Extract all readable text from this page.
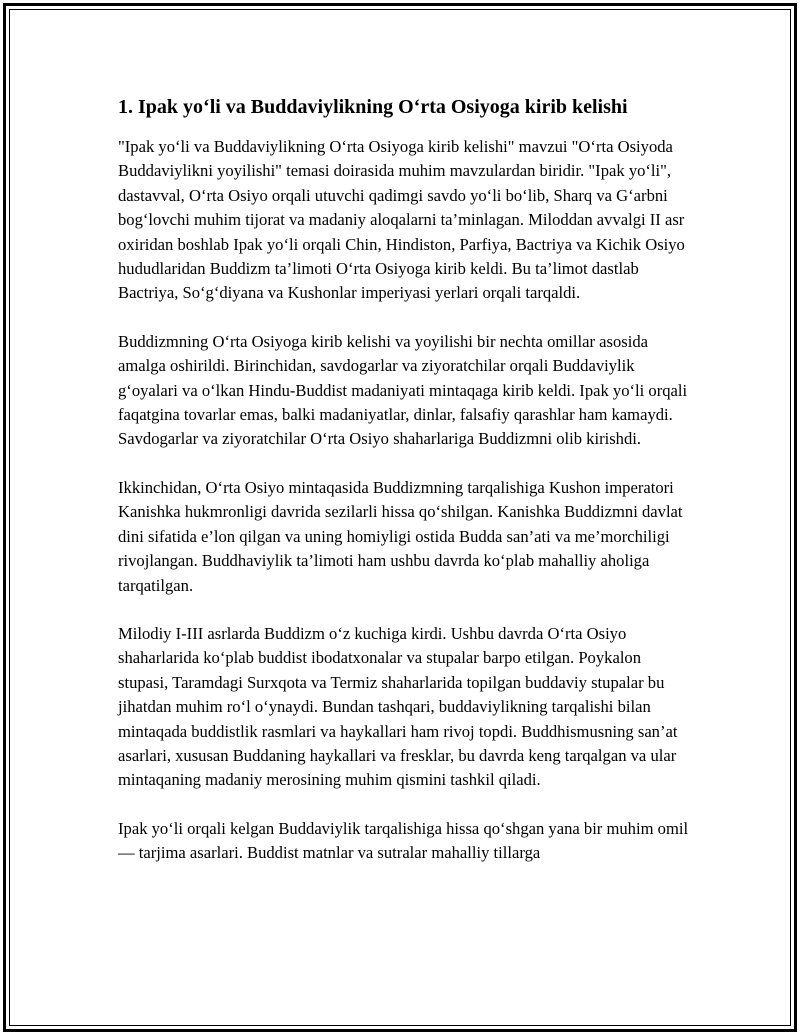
1. Ipak yo‘li va Buddaviylikning O‘rta Osiyoga kirib kelishi

"Ipak yo‘li va Buddaviylikning O‘rta Osiyoga kirib kelishi" mavzui "O‘rta Osiyoda Buddaviylikni yoyilishi" temasi doirasida muhim mavzulardan biridir. "Ipak yo‘li", dastavval, O‘rta Osiyo orqali utuvchi qadimgi savdo yo‘li bo‘lib, Sharq va G‘arbni bog‘lovchi muhim tijorat va madaniy aloqalarni ta’minlagan. Miloddan avvalgi II asr oxiridan boshlab Ipak yo‘li orqali Chin, Hindiston, Parfiya, Bactriya va Kichik Osiyo hududlaridan Buddizm ta’limoti O‘rta Osiyoga kirib keldi. Bu ta’limot dastlab Bactriya, So‘g‘diyana va Kushonlar imperiyasi yerlari orqali tarqaldi.

Buddizmning O‘rta Osiyoga kirib kelishi va yoyilishi bir nechta omillar asosida amalga oshirildi. Birinchidan, savdogarlar va ziyoratchilar orqali Buddaviylik g‘oyalari va o‘lkan Hindu-Buddist madaniyati mintaqaga kirib keldi. Ipak yo‘li orqali faqatgina tovarlar emas, balki madaniyatlar, dinlar, falsafiy qarashlar ham kamaydi. Savdogarlar va ziyoratchilar O‘rta Osiyo shaharlariga Buddizmni olib kirishdi.

Ikkinchidan, O‘rta Osiyo mintaqasida Buddizmning tarqalishiga Kushon imperatori Kanishka hukmronligi davrida sezilarli hissa qo‘shilgan. Kanishka Buddizmni davlat dini sifatida e’lon qilgan va uning homiyligi ostida Budda san’ati va me’morchiligi rivojlangan. Buddhaviylik ta’limoti ham ushbu davrda ko‘plab mahalliy aholiga tarqatilgan.

Milodiy I-III asrlarda Buddizm o‘z kuchiga kirdi. Ushbu davrda O‘rta Osiyo shaharlarida ko‘plab buddist ibodatxonalar va stupalar barpo etilgan. Poykalon stupasi, Taramdagi Surxqota va Termiz shaharlarida topilgan buddaviy stupalar bu jihatdan muhim ro‘l o‘ynaydi. Bundan tashqari, buddaviylikning tarqalishi bilan mintaqada buddistlik rasmlari va haykallari ham rivoj topdi. Buddhismusning san’at asarlari, xususan Buddaning haykallari va fresklar, bu davrda keng tarqalgan va ular mintaqaning madaniy merosining muhim qismini tashkil qiladi.

Ipak yo‘li orqali kelgan Buddaviylik tarqalishiga hissa qo‘shgan yana bir muhim omil — tarjima asarlari. Buddist matnlar va sutralar mahalliy tillarga
